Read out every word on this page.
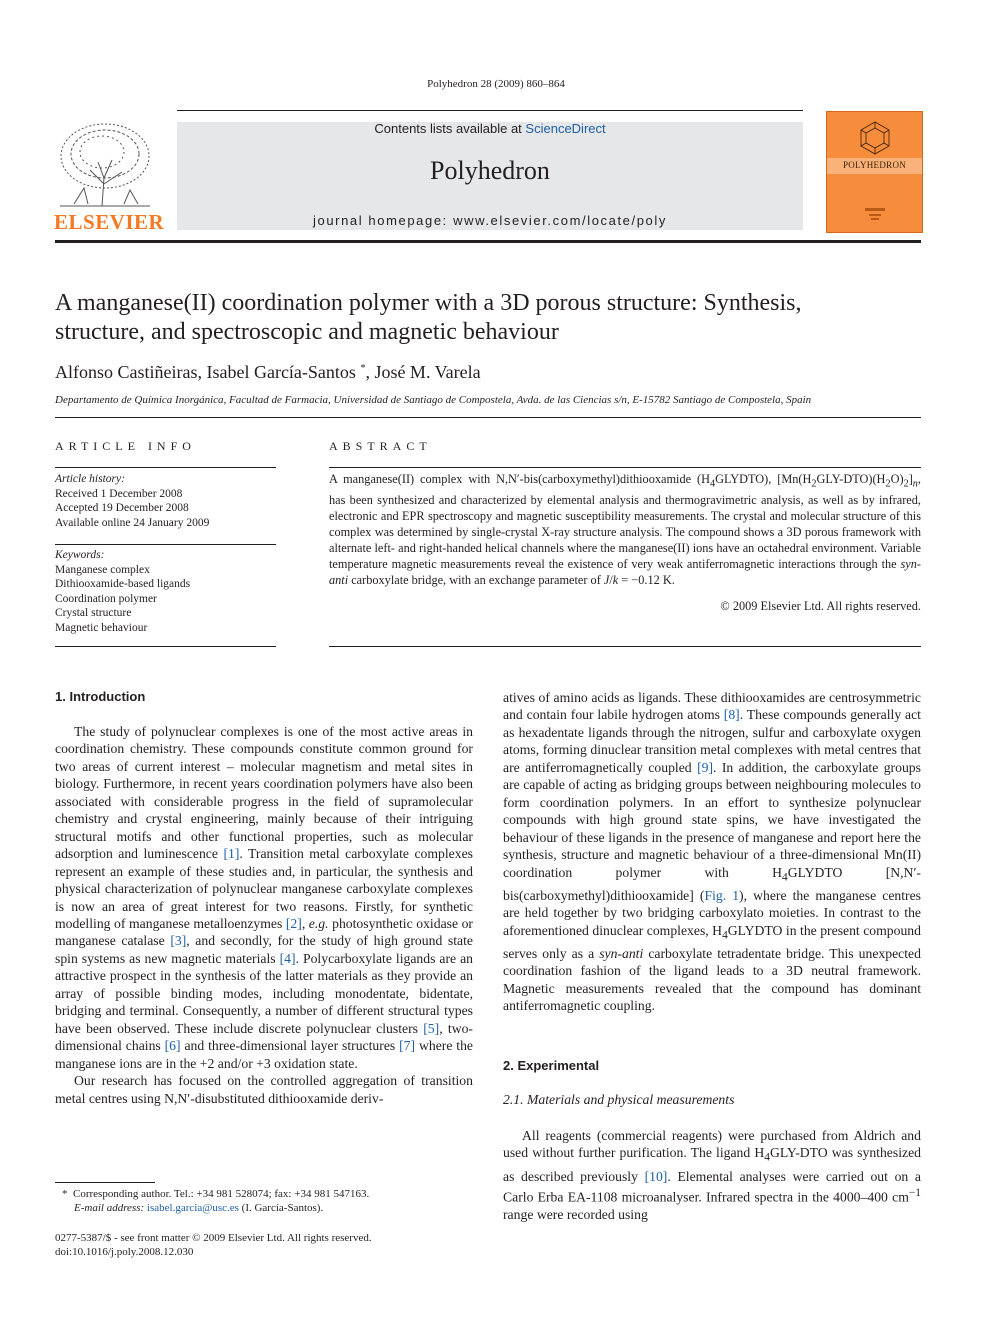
Polyhedron 28 (2009) 860–864
ELSEVIER
Contents lists available at ScienceDirect
Polyhedron
journal homepage: www.elsevier.com/locate/poly
POLYHEDRON
A manganese(II) coordination polymer with a 3D porous structure: Synthesis,
structure, and spectroscopic and magnetic behaviour
Alfonso Castiñeiras, Isabel García-Santos *, José M. Varela
Departamento de Química Inorgánica, Facultad de Farmacia, Universidad de Santiago de Compostela, Avda. de las Ciencias s/n, E-15782 Santiago de Compostela, Spain
ARTICLE INFO
Article history:
Received 1 December 2008
Accepted 19 December 2008
Available online 24 January 2009
Keywords:
Manganese complex
Dithiooxamide-based ligands
Coordination polymer
Crystal structure
Magnetic behaviour
ABSTRACT
A manganese(II) complex with N,N′-bis(carboxymethyl)dithiooxamide $(H_4GLYDTO)$, $[Mn(H_2GLY-DTO)(H_2O)_2]_n$, has been synthesized and characterized by elemental analysis and thermogravimetric analysis, as well as by infrared, electronic and EPR spectroscopy and magnetic susceptibility measurements. The crystal and molecular structure of this complex was determined by single-crystal X-ray structure analysis. The compound shows a 3D porous framework with alternate left- and right-handed helical channels where the manganese(II) ions have an octahedral environment. Variable temperature magnetic measurements reveal the existence of very weak antiferromagnetic interactions through the syn-anti carboxylate bridge, with an exchange parameter of J/k = −0.12 K.
© 2009 Elsevier Ltd. All rights reserved.
1. Introduction

The study of polynuclear complexes is one of the most active areas in coordination chemistry. These compounds constitute common ground for two areas of current interest – molecular magnetism and metal sites in biology. Furthermore, in recent years coordination polymers have also been associated with considerable progress in the field of supramolecular chemistry and crystal engineering, mainly because of their intriguing structural motifs and other functional properties, such as molecular adsorption and luminescence [1]. Transition metal carboxylate complexes represent an example of these studies and, in particular, the synthesis and physical characterization of polynuclear manganese carboxylate complexes is now an area of great interest for two reasons. Firstly, for synthetic modelling of manganese metalloenzymes [2], e.g. photosynthetic oxidase or manganese catalase [3], and secondly, for the study of high ground state spin systems as new magnetic materials [4]. Polycarboxylate ligands are an attractive prospect in the synthesis of the latter materials as they provide an array of possible binding modes, including monodentate, bidentate, bridging and terminal. Consequently, a number of different structural types have been observed. These include discrete polynuclear clusters [5], two-dimensional chains [6] and three-dimensional layer structures [7] where the manganese ions are in the +2 and/or +3 oxidation state.

Our research has focused on the controlled aggregation of transition metal centres using N,N′-disubstituted dithiooxamide deriv-

*  Corresponding author. Tel.: +34 981 528074; fax: +34 981 547163.
E-mail address: isabel.garcia@usc.es (I. García-Santos).
0277-5387/$ - see front matter © 2009 Elsevier Ltd. All rights reserved.
doi:10.1016/j.poly.2008.12.030

atives of amino acids as ligands. These dithiooxamides are centrosymmetric and contain four labile hydrogen atoms [8]. These compounds generally act as hexadentate ligands through the nitrogen, sulfur and carboxylate oxygen atoms, forming dinuclear transition metal complexes with metal centres that are antiferromagnetically coupled [9]. In addition, the carboxylate groups are capable of acting as bridging groups between neighbouring molecules to form coordination polymers. In an effort to synthesize polynuclear compounds with high ground state spins, we have investigated the behaviour of these ligands in the presence of manganese and report here the synthesis, structure and magnetic behaviour of a three-dimensional Mn(II) coordination polymer with $H_4GLYDTO$ [N,N′-bis(carboxymethyl)dithiooxamide] (Fig. 1), where the manganese centres are held together by two bridging carboxylato moieties. In contrast to the aforementioned dinuclear complexes, $H_4GLYDTO$ in the present compound serves only as a syn-anti carboxylate tetradentate bridge. This unexpected coordination fashion of the ligand leads to a 3D neutral framework. Magnetic measurements revealed that the compound has dominant antiferromagnetic coupling.

2. Experimental
2.1. Materials and physical measurements

All reagents (commercial reagents) were purchased from Aldrich and used without further purification. The ligand $H_4GLY$-DTO was synthesized as described previously [10]. Elemental analyses were carried out on a Carlo Erba EA-1108 microanalyser. Infrared spectra in the 4000–400 $cm^{-1}$ range were recorded using
